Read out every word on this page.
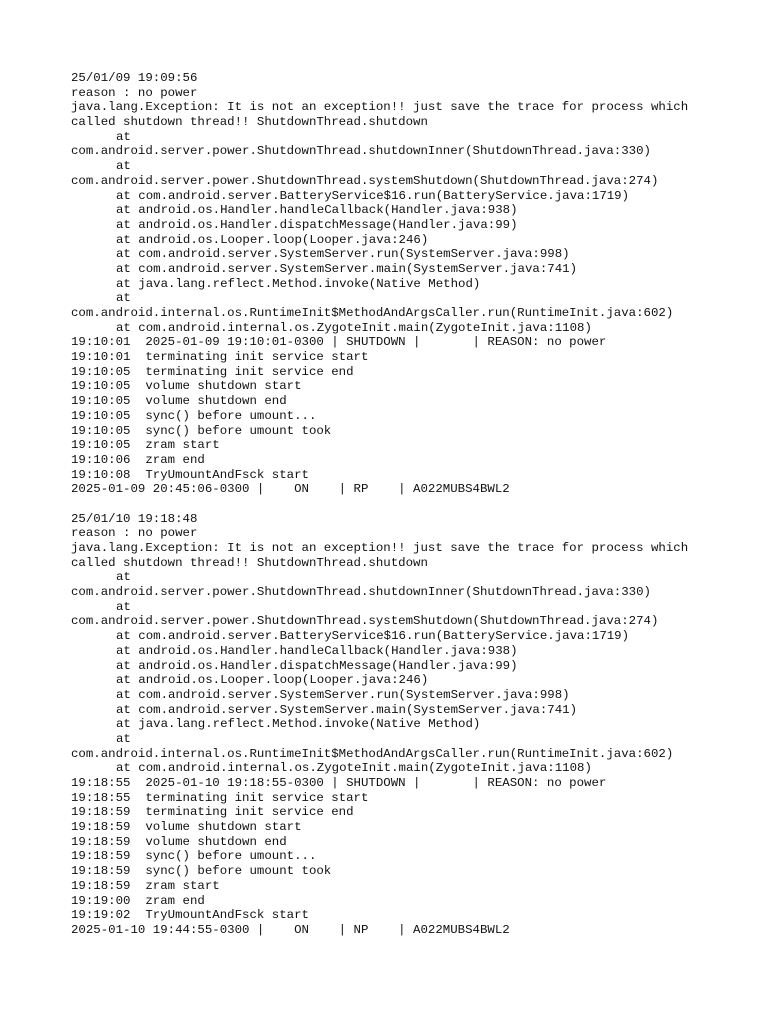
25/01/09 19:09:56
reason : no power
java.lang.Exception: It is not an exception!! just save the trace for process which
called shutdown thread!! ShutdownThread.shutdown
at
com.android.server.power.ShutdownThread.shutdownInner(ShutdownThread.java:330)
at
com.android.server.power.ShutdownThread.systemShutdown(ShutdownThread.java:274)
at com.android.server.BatteryService$16.run(BatteryService.java:1719)
at android.os.Handler.handleCallback(Handler.java:938)
at android.os.Handler.dispatchMessage(Handler.java:99)
at android.os.Looper.loop(Looper.java:246)
at com.android.server.SystemServer.run(SystemServer.java:998)
at com.android.server.SystemServer.main(SystemServer.java:741)
at java.lang.reflect.Method.invoke(Native Method)
at
com.android.internal.os.RuntimeInit$MethodAndArgsCaller.run(RuntimeInit.java:602)
at com.android.internal.os.ZygoteInit.main(ZygoteInit.java:1108)
19:10:01  2025-01-09 19:10:01-0300 | SHUTDOWN |       | REASON: no power
19:10:01  terminating init service start
19:10:05  terminating init service end
19:10:05  volume shutdown start
19:10:05  volume shutdown end
19:10:05  sync() before umount...
19:10:05  sync() before umount took
19:10:05  zram start
19:10:06  zram end
19:10:08  TryUmountAndFsck start
2025-01-09 20:45:06-0300 |    ON    | RP    | A022MUBS4BWL2
25/01/10 19:18:48
reason : no power
java.lang.Exception: It is not an exception!! just save the trace for process which
called shutdown thread!! ShutdownThread.shutdown
at
com.android.server.power.ShutdownThread.shutdownInner(ShutdownThread.java:330)
at
com.android.server.power.ShutdownThread.systemShutdown(ShutdownThread.java:274)
at com.android.server.BatteryService$16.run(BatteryService.java:1719)
at android.os.Handler.handleCallback(Handler.java:938)
at android.os.Handler.dispatchMessage(Handler.java:99)
at android.os.Looper.loop(Looper.java:246)
at com.android.server.SystemServer.run(SystemServer.java:998)
at com.android.server.SystemServer.main(SystemServer.java:741)
at java.lang.reflect.Method.invoke(Native Method)
at
com.android.internal.os.RuntimeInit$MethodAndArgsCaller.run(RuntimeInit.java:602)
at com.android.internal.os.ZygoteInit.main(ZygoteInit.java:1108)
19:18:55  2025-01-10 19:18:55-0300 | SHUTDOWN |       | REASON: no power
19:18:55  terminating init service start
19:18:59  terminating init service end
19:18:59  volume shutdown start
19:18:59  volume shutdown end
19:18:59  sync() before umount...
19:18:59  sync() before umount took
19:18:59  zram start
19:19:00  zram end
19:19:02  TryUmountAndFsck start
2025-01-10 19:44:55-0300 |    ON    | NP    | A022MUBS4BWL2
